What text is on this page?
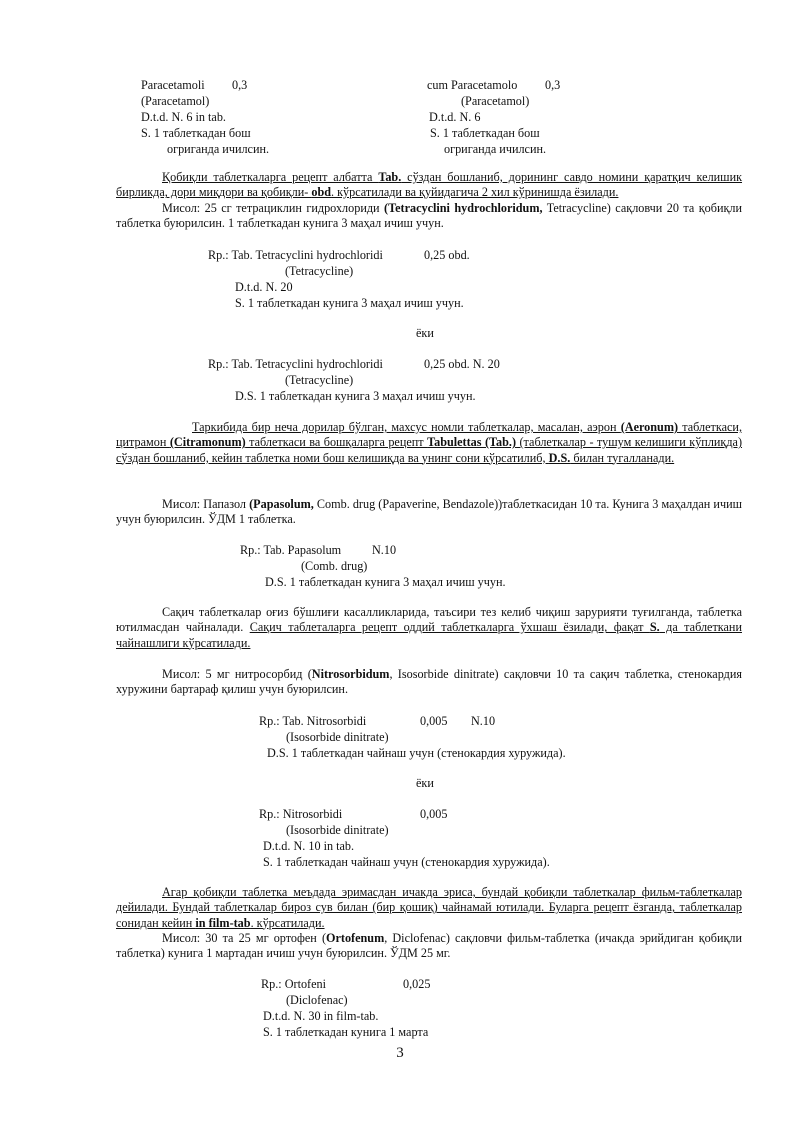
Paracetamoli 0,3
(Paracetamol)
D.t.d. N. 6 in tab.
S. 1 таблеткадан бош
огриганда ичилсин.
cum Paracetamolo 0,3
(Paracetamol)
D.t.d. N. 6
S. 1 таблеткадан бош
огриганда ичилсин.
Қобиқли таблеткаларга рецепт албатта Tab. сўздан бошланиб, дорининг савдо номини қаратқич келишик бирликда, дори миқдори ва қобиқли- obd. кўрсатилади ва қуйидагича 2 хил кўринишда ёзилади.
Мисол: 25 сг тетрациклин гидрохлориди (Tetracyclini hydrochloridum, Tetracycline) сақловчи 20 та қобиқли таблетка буюрилсин. 1 таблеткадан кунига 3 маҳал ичиш учун.
Rp.: Tab. Tetracyclini hydrochloridi	0,25 obd.
(Tetracycline)
D.t.d. N. 20
S. 1 таблеткадан кунига 3 маҳал ичиш учун.
ёки
Rp.: Tab. Tetracyclini hydrochloridi	0,25 obd. N. 20
(Tetracycline)
D.S. 1 таблеткадан кунига 3 маҳал ичиш учун.
Таркибида бир неча дорилар бўлган, махсус номли таблеткалар, масалан, аэрон (Aeronum) таблеткаси, цитрамон (Citramonum) таблеткаси ва бошқаларга рецепт Tabulettas (Tab.) (таблеткалар - тушум келишиги кўплиқда) сўздан бошланиб, кейин таблетка номи бош келишиқда ва унинг сони кўрсатилиб, D.S. билан тугалланади.
Мисол: Папазол (Papasolum, Comb. drug (Papaverine, Bendazole))таблеткасидан 10 та. Кунига 3 маҳалдан ичиш учун буюрилсин. ЎДМ 1 таблетка.
Rp.: Tab. Papasolum	N.10
(Comb. drug)
D.S. 1 таблеткадан кунига 3 маҳал ичиш учун.
Сақич таблеткалар оғиз бўшлиғи касалликларида, таъсири тез келиб чиқиш зарурияти туғилганда, таблетка ютилмасдан чайналади. Сақич таблеталарга рецепт оддий таблеткаларга ўхшаш ёзилади, фақат S. да таблеткани чайнашлиги кўрсатилади.
Мисол: 5 мг нитросорбид (Nitrosorbidum, Isosorbide dinitrate) сақловчи 10 та сақич таблетка, стенокардия хуружини бартараф қилиш учун буюрилсин.
Rp.: Tab. Nitrosorbidi	0,005 N.10
(Isosorbide dinitrate)
D.S. 1 таблеткадан чайнаш учун (стенокардия хуружида).
ёки
Rp.: Nitrosorbidi	0,005
(Isosorbide dinitrate)
D.t.d. N. 10 in tab.
S. 1 таблеткадан чайнаш учун (стенокардия хуружида).
Агар қобиқли таблетка меъдада эримасдан ичакда эриса, бундай қобиқли таблеткалар фильм-таблеткалар дейилади. Бундай таблеткалар бироз сув билан (бир қошиқ) чайнамай ютилади. Буларга рецепт ёзганда, таблеткалар сонидан кейин in film-tab. кўрсатилади.
Мисол: 30 та 25 мг ортофен (Ortofenum, Diclofenac) сақловчи фильм-таблетка (ичакда эрийдиган қобиқли таблетка) кунига 1 мартадан ичиш учун буюрилсин. ЎДМ 25 мг.
Rp.: Ortofeni	0,025
(Diclofenac)
D.t.d. N. 30 in film-tab.
S. 1 таблеткадан кунига 1 марта
3
